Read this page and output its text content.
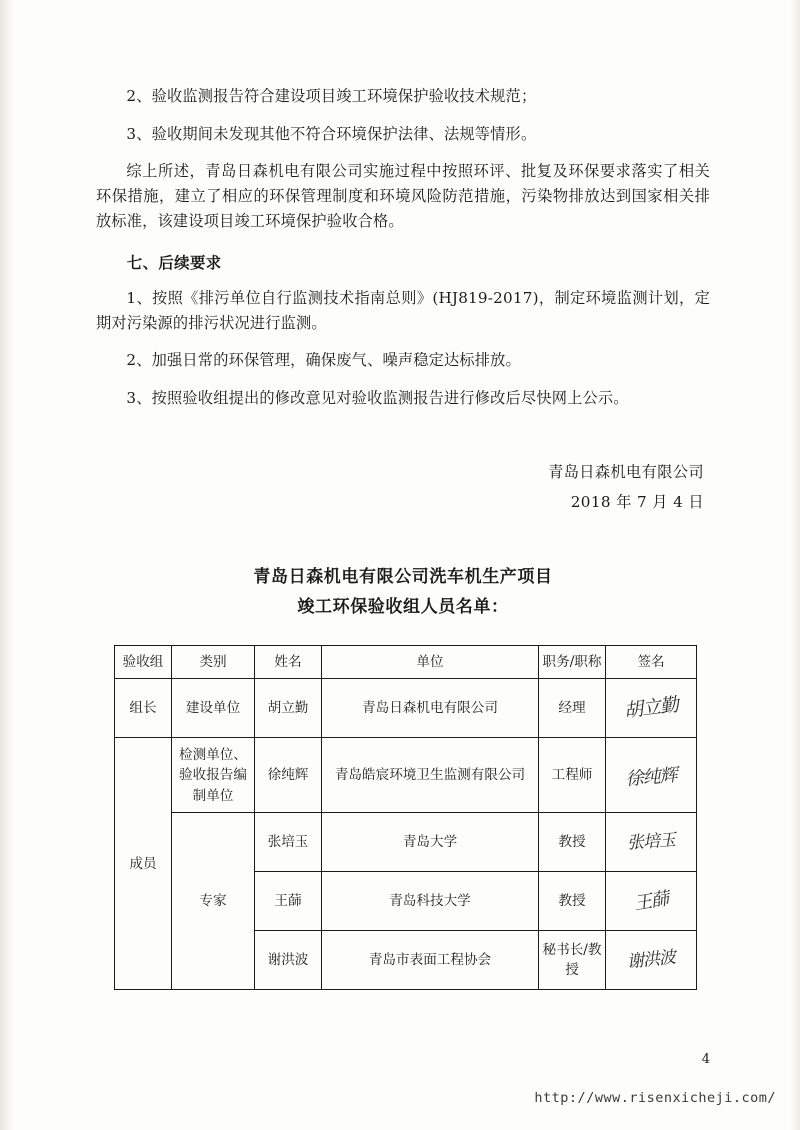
2、验收监测报告符合建设项目竣工环境保护验收技术规范；

3、验收期间未发现其他不符合环境保护法律、法规等情形。

综上所述，青岛日森机电有限公司实施过程中按照环评、批复及环保要求落实了相关环保措施，建立了相应的环保管理制度和环境风险防范措施，污染物排放达到国家相关排放标准，该建设项目竣工环境保护验收合格。

七、后续要求

1、按照《排污单位自行监测技术指南总则》(HJ819-2017)，制定环境监测计划，定期对污染源的排污状况进行监测。

2、加强日常的环保管理，确保废气、噪声稳定达标排放。

3、按照验收组提出的修改意见对验收监测报告进行修改后尽快网上公示。

青岛日森机电有限公司
2018 年 7 月 4 日
青岛日森机电有限公司洗车机生产项目
竣工环保验收组人员名单：
验收组	类别	姓名	单位	职务/职称	签名
组长	建设单位	胡立勤	青岛日森机电有限公司	经理	胡立勤

成员	检测单位、验收报告编制单位	徐纯辉	青岛皓宸环境卫生监测有限公司	工程师	徐纯辉

	专家	张培玉	青岛大学	教授	张培玉

		王蒒	青岛科技大学	教授	王蒒

		谢洪波	青岛市表面工程协会	秘书长/教授	谢洪波
4
http://www.risenxicheji.com/
